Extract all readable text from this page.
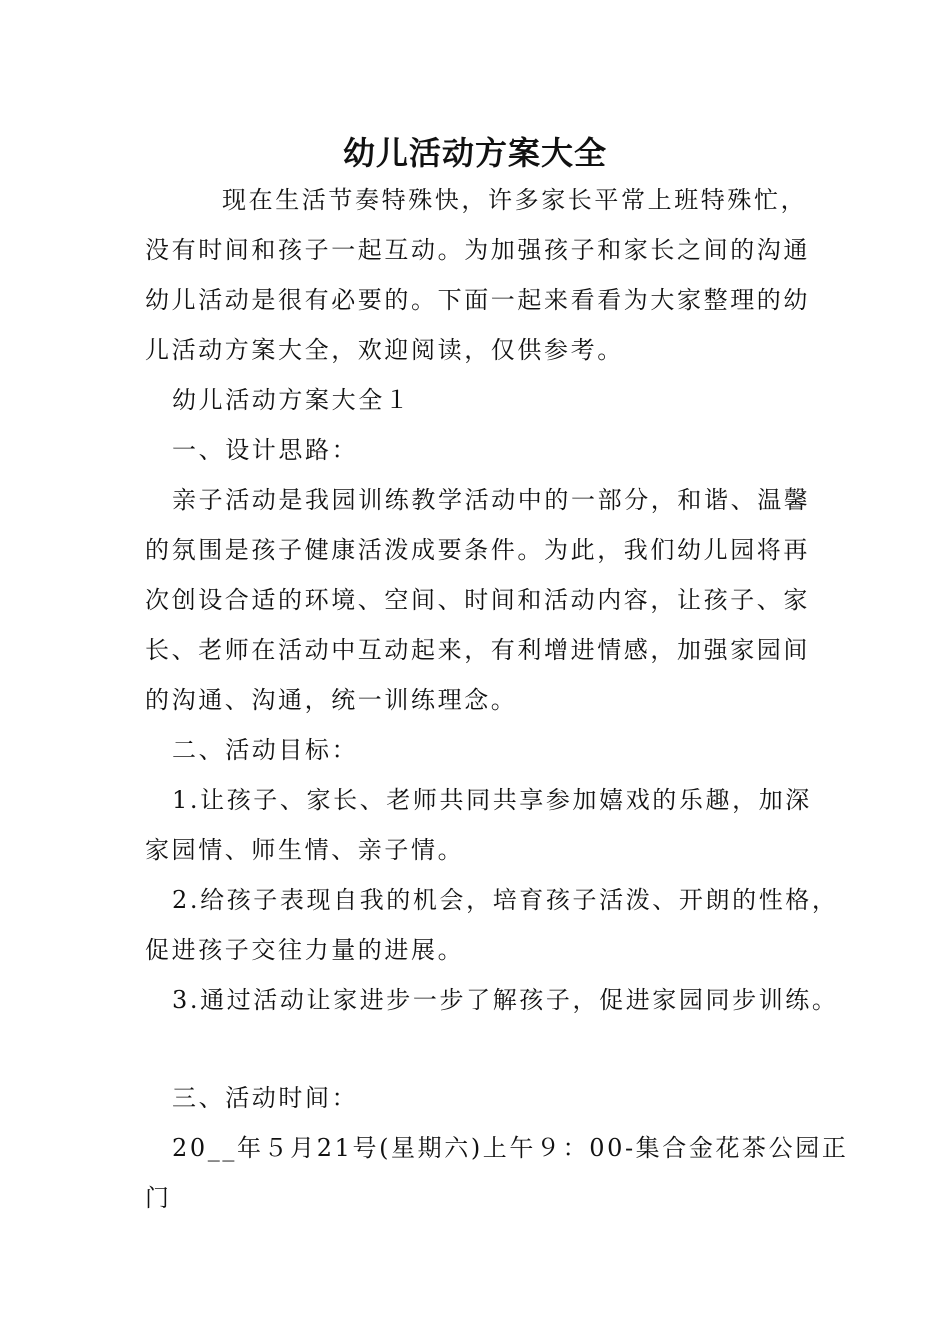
幼儿活动方案大全
现在生活节奏特殊快，许多家长平常上班特殊忙，
没有时间和孩子一起互动。为加强孩子和家长之间的沟通
幼儿活动是很有必要的。下面一起来看看为大家整理的幼
儿活动方案大全，欢迎阅读，仅供参考。
幼儿活动方案大全１
一、设计思路：
亲子活动是我园训练教学活动中的一部分，和谐、温馨
的氛围是孩子健康活泼成要条件。为此，我们幼儿园将再
次创设合适的环境、空间、时间和活动内容，让孩子、家
长、老师在活动中互动起来，有利增进情感，加强家园间
的沟通、沟通，统一训练理念。
二、活动目标：
1.让孩子、家长、老师共同共享参加嬉戏的乐趣，加深
家园情、师生情、亲子情。
2.给孩子表现自我的机会，培育孩子活泼、开朗的性格，
促进孩子交往力量的进展。
3.通过活动让家进步一步了解孩子，促进家园同步训练。
三、活动时间：
20__年５月21号(星期六)上午９：00-集合金花茶公园正
门
